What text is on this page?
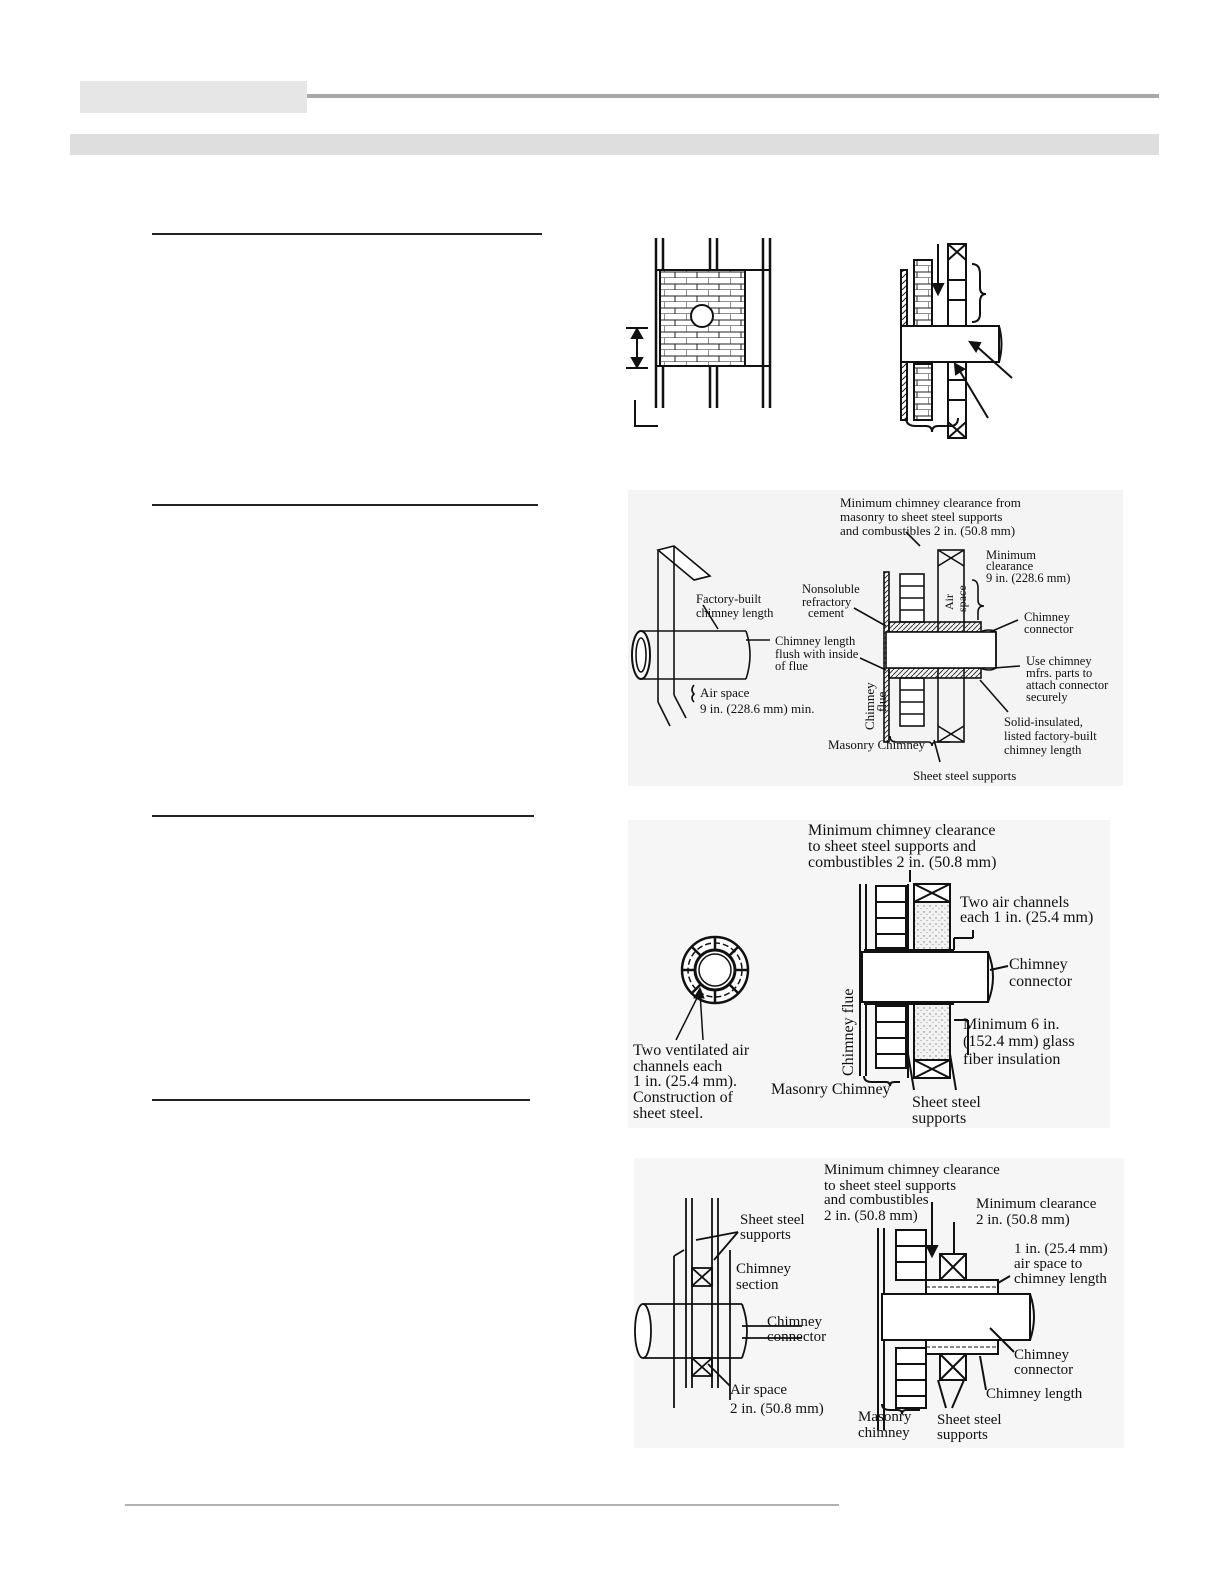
Minimum chimney clearance from
masonry to sheet steel supports
and combustibles 2 in. (50.8 mm)
Minimum
clearance
9 in. (228.6 mm)
Air space
Factory-built
chimney length
Nonsoluble
refractory
cement	Chimney
connector
Chimney length
flush with inside
of flue	Use chimney
mfrs. parts to
attach connector
securely
Air space
9 in. (228.6 mm) min.	Chimney
flue
Solid-insulated,
listed factory-built
chimney length
Masonry Chimney
Sheet steel supports
Minimum chimney clearance
to sheet steel supports and
combustibles 2 in. (50.8 mm)
Two air channels
each 1 in. (25.4 mm)
Chimney
connector
Chimney flue	Minimum 6 in.
(152.4 mm) glass
fiber insulation
Two ventilated air
channels each
1 in. (25.4 mm).
Construction of
sheet steel.
Masonry Chimney
Sheet steel
supports
Minimum chimney clearance
to sheet steel supports
and combustibles
2 in. (50.8 mm)
Minimum clearance
2 in. (50.8 mm)
Sheet steel
supports
1 in. (25.4 mm)
air space to
chimney length
Chimney
section
Chimney
connector
Chimney
connector
Air space
2 in. (50.8 mm)
Chimney length
Masonry
chimney
Sheet steel
supports
